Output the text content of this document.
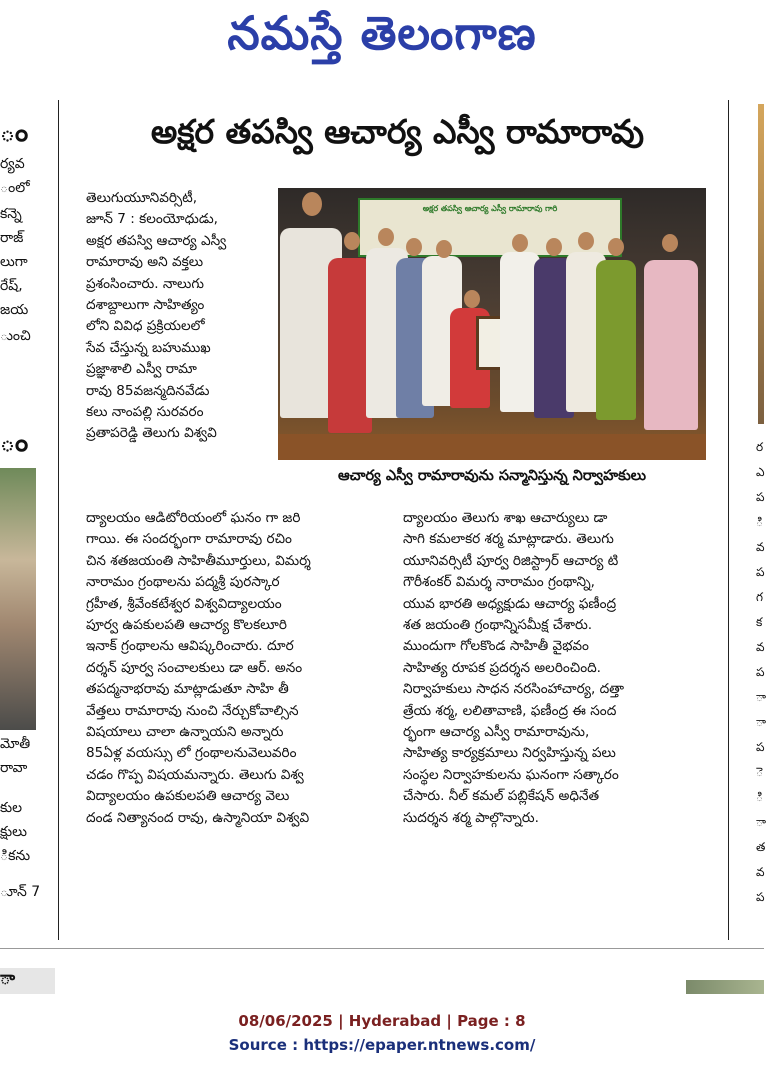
నమస్తే తెలంగాణ
ం
ర్యవ
ంలో
కన్నె
రాజ్
లుగా
రేష్,
జయ
ుంచి
ం
మోతీ
రావా
కుల
క్షులు
ికను
ూన్ 7
ర
ఎ
ప
ి
వ
ప
గ
క
వ
ప
ా
ా
ప
ె
ి
ా
త
వ
ప
అక్షర తపస్వి ఆచార్య ఎస్వీ రామారావు
తెలుగుయూనివర్సిటీ,
జూన్ 7 : కలంయోధుడు,
అక్షర తపస్వి ఆచార్య ఎస్వీ
రామారావు అని వక్తలు
ప్రశంసించారు. నాలుగు
దశాబ్దాలుగా సాహిత్యం
లోని వివిధ ప్రక్రియలలో
సేవ చేస్తున్న బహుముఖ
ప్రజ్ఞాశాలి ఎస్వీ రామా
రావు 85వజన్మదినవేడు
కలు నాంపల్లి సురవరం
ప్రతాపరెడ్డి తెలుగు విశ్వవి
అక్షర తపస్వి ఆచార్య ఎస్వీ రామారావు గారి
ఆచార్య ఎస్వీ రామారావును సన్మానిస్తున్న నిర్వాహకులు
ద్యాలయం ఆడిటోరియంలో ఘనం గా జరి
గాయి. ఈ సందర్భంగా రామారావు రచిం
చిన శతజయంతి సాహితీమూర్తులు, విమర్శ
నారామం గ్రంథాలను పద్మశ్రీ పురస్కార
గ్రహీత, శ్రీవేంకటేశ్వర విశ్వవిద్యాలయం
పూర్వ ఉపకులపతి ఆచార్య కొలకలూరి
ఇనాక్ గ్రంథాలను ఆవిష్కరించారు. దూర
దర్శన్ పూర్వ సంచాలకులు డా ఆర్. అనం
తపద్మనాభరావు మాట్లాడుతూ సాహి తీ
వేత్తలు రామారావు నుంచి నేర్చుకోవాల్సిన
విషయాలు చాలా ఉన్నాయని అన్నారు
85ఏళ్ల వయస్సు లో గ్రంథాలనువెలువరిం
చడం గొప్ప విషయమన్నారు. తెలుగు విశ్వ
విద్యాలయం ఉపకులపతి ఆచార్య వెలు
దండ నిత్యానంద రావు, ఉస్మానియా విశ్వవి
ద్యాలయం తెలుగు శాఖ ఆచార్యులు డా
సాగి కమలాకర శర్మ మాట్లాడారు. తెలుగు
యూనివర్సిటీ పూర్వ రిజిస్ట్రార్ ఆచార్య టి
గౌరీశంకర్ విమర్శ నారామం గ్రంథాన్ని,
యువ భారతి అధ్యక్షుడు ఆచార్య ఫణీంద్ర
శత జయంతి గ్రంథాన్నిసమీక్ష చేశారు.
ముందుగా గోలకొండ సాహితీ వైభవం
సాహిత్య రూపక ప్రదర్శన అలరించింది.
నిర్వాహకులు సాధన నరసింహాచార్య, దత్తా
త్రేయ శర్మ, లలితావాణి, ఫణీంద్ర ఈ సంద
ర్భంగా ఆచార్య ఎస్వీ రామారావును,
సాహిత్య కార్యక్రమాలు నిర్వహిస్తున్న పలు
సంస్థల నిర్వాహకులను ఘనంగా సత్కారం
చేసారు. నీల్ కమల్ పబ్లికేషన్ అధినేత
సుదర్శన శర్మ పాల్గొన్నారు.
ా
08/06/2025 | Hyderabad | Page : 8
Source : https://epaper.ntnews.com/
